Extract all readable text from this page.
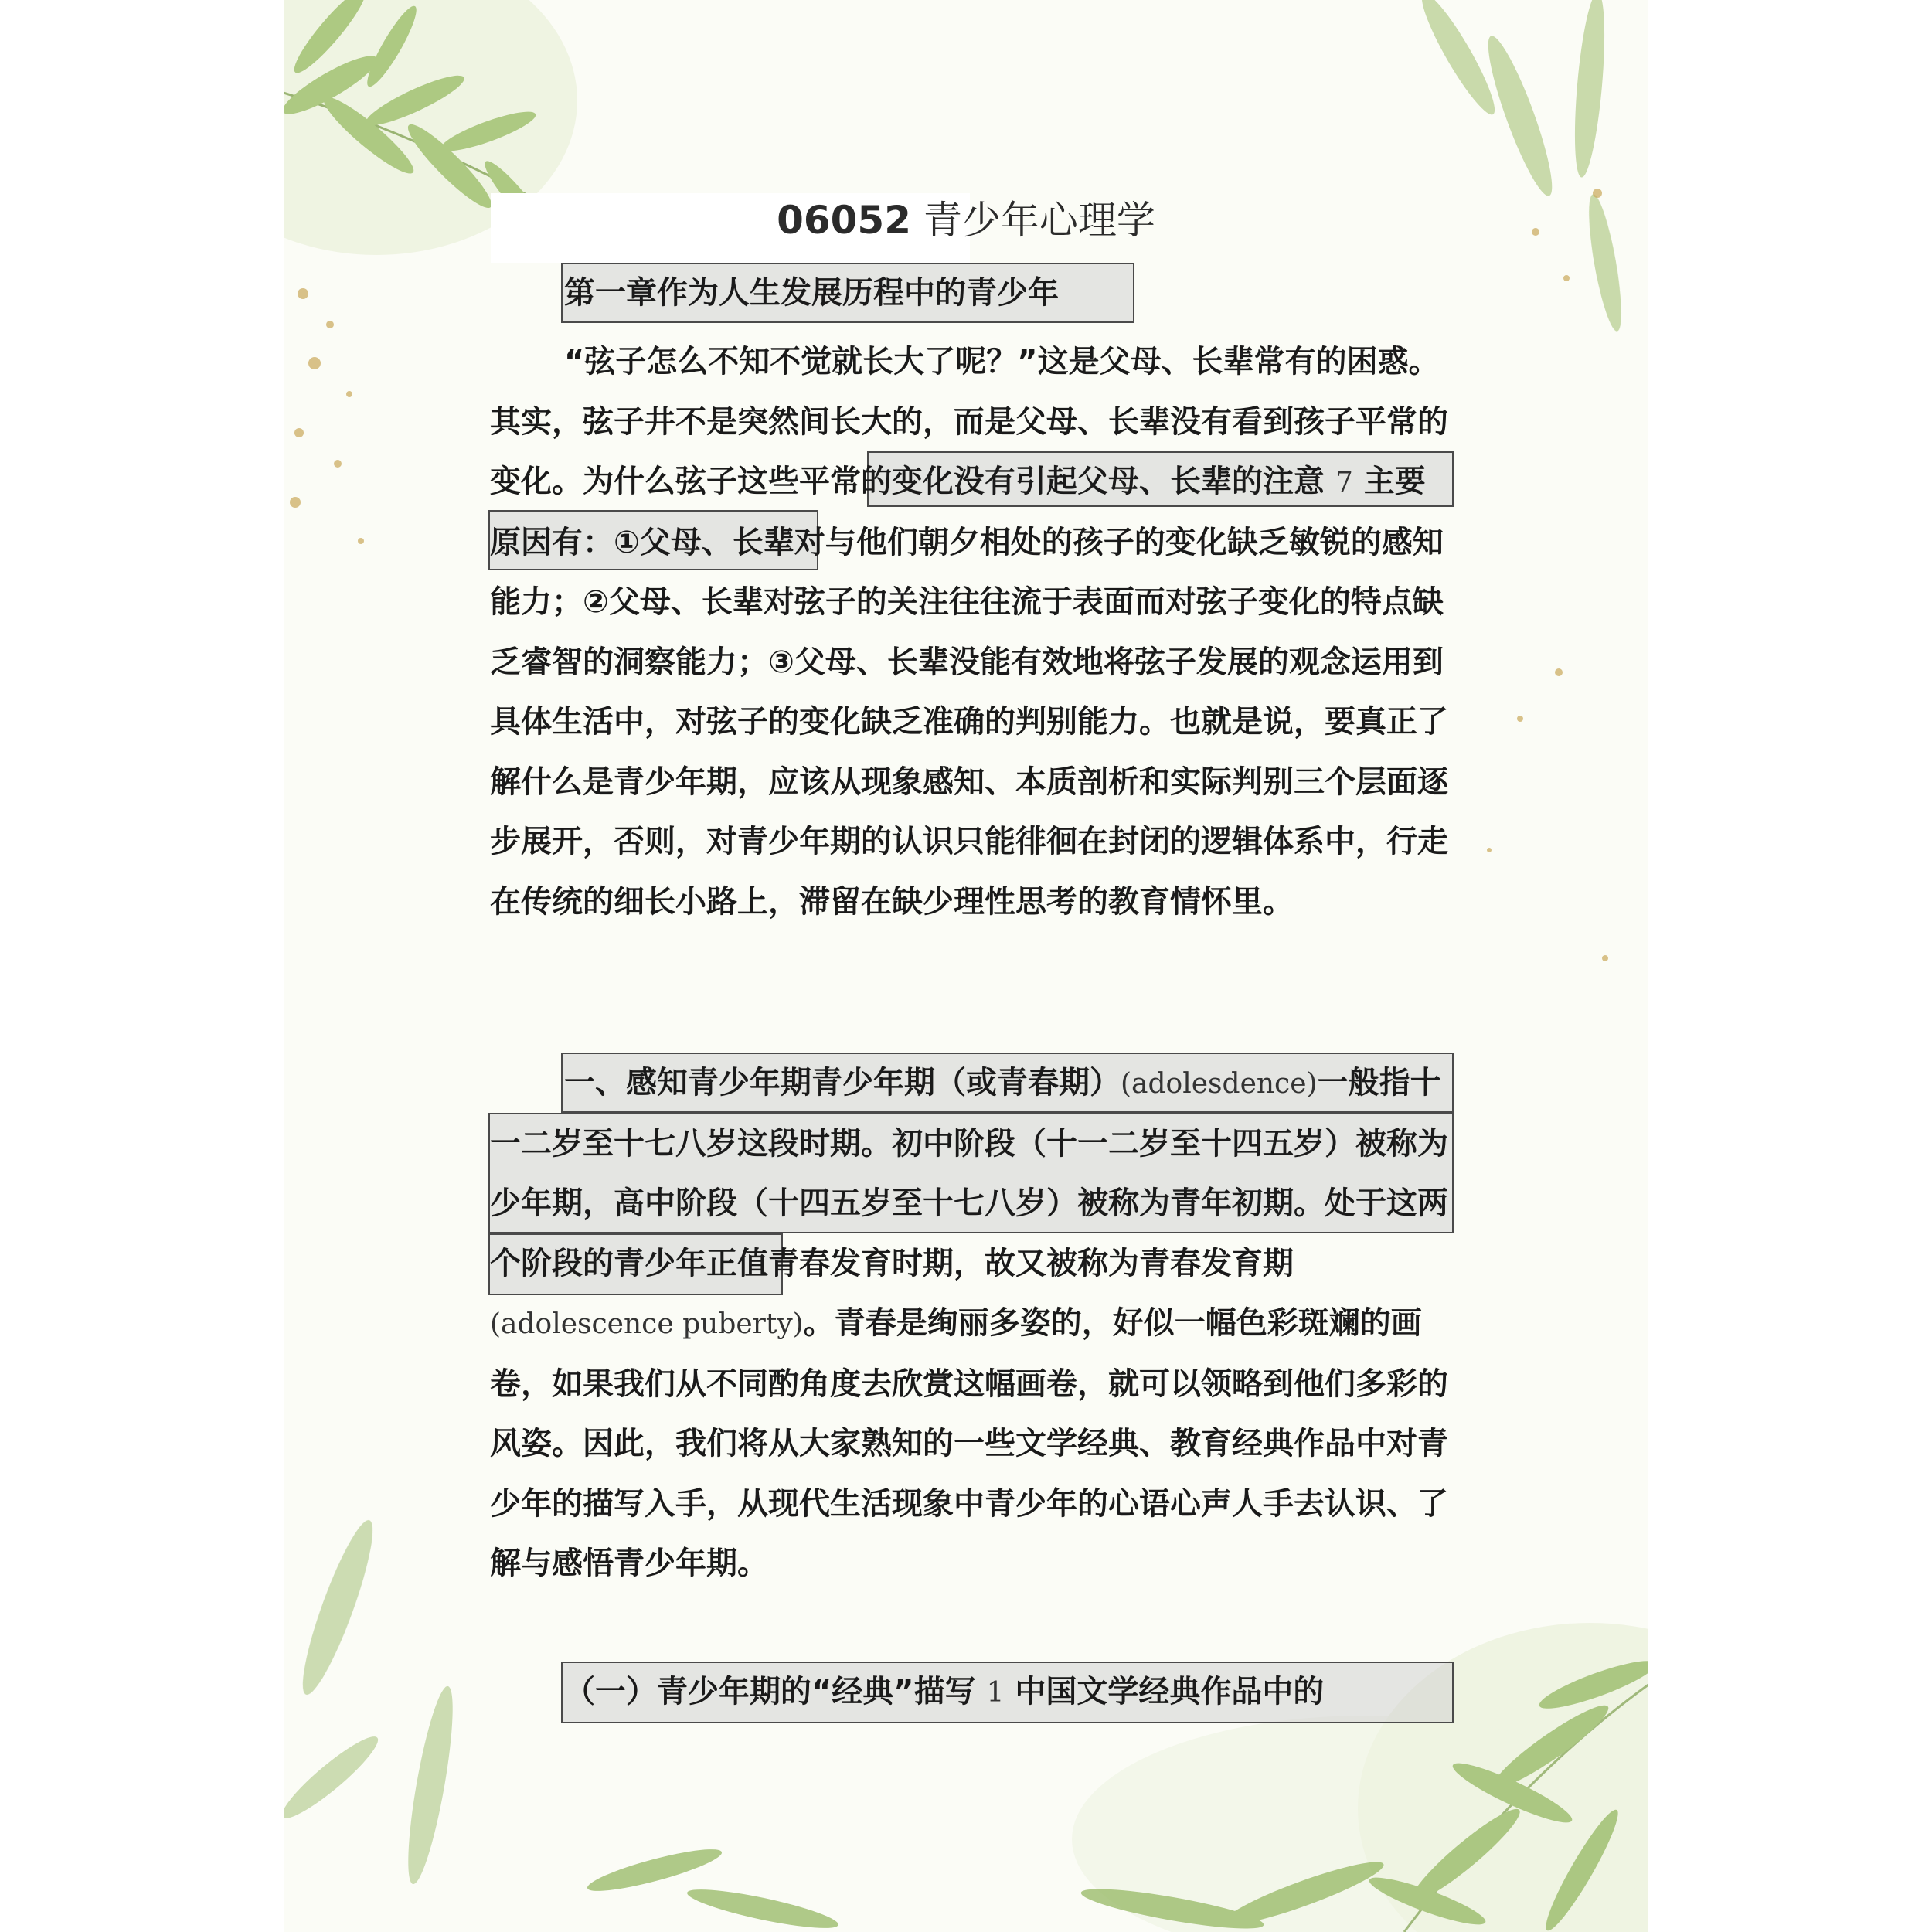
06052 青少年心理学

第一章作为人生发展历程中的青少年

“弦子怎么不知不觉就长大了呢？”这是父母、长辈常有的困惑。其实，弦子井不是突然间长大的，而是父母、长辈没有看到孩子平常的变化。为什么弦子这些平常的变化没有引起父母、长辈的注意 7 主要原因有：①父母、长辈对与他们朝夕相处的孩子的变化缺乏敏锐的感知能力；②父母、长辈对弦子的关注往往流于表面而对弦子变化的特点缺乏睿智的洞察能力；③父母、长辈没能有效地将弦子发展的观念运用到具体生活中，对弦子的变化缺乏准确的判别能力。也就是说，要真正了解什么是青少年期，应该从现象感知、本质剖析和实际判别三个层面逐步展开，否则，对青少年期的认识只能徘徊在封闭的逻辑体系中，行走在传统的细长小路上，滞留在缺少理性思考的教育情怀里。

一、感知青少年期青少年期（或青春期）(adolesdence)一般指十一二岁至十七八岁这段时期。初中阶段（十一二岁至十四五岁）被称为少年期，高中阶段（十四五岁至十七八岁）被称为青年初期。处于这两个阶段的青少年正值青春发育时期，故又被称为青春发育期(adolescence puberty)。青春是绚丽多姿的，好似一幅色彩斑斓的画卷，如果我们从不同酌角度去欣赏这幅画卷，就可以领略到他们多彩的风姿。因此，我们将从大家熟知的一些文学经典、教育经典作品中对青少年的描写入手，从现代生活现象中青少年的心语心声人手去认识、了解与感悟青少年期。

（一）青少年期的“经典”描写 1 中国文学经典作品中的
